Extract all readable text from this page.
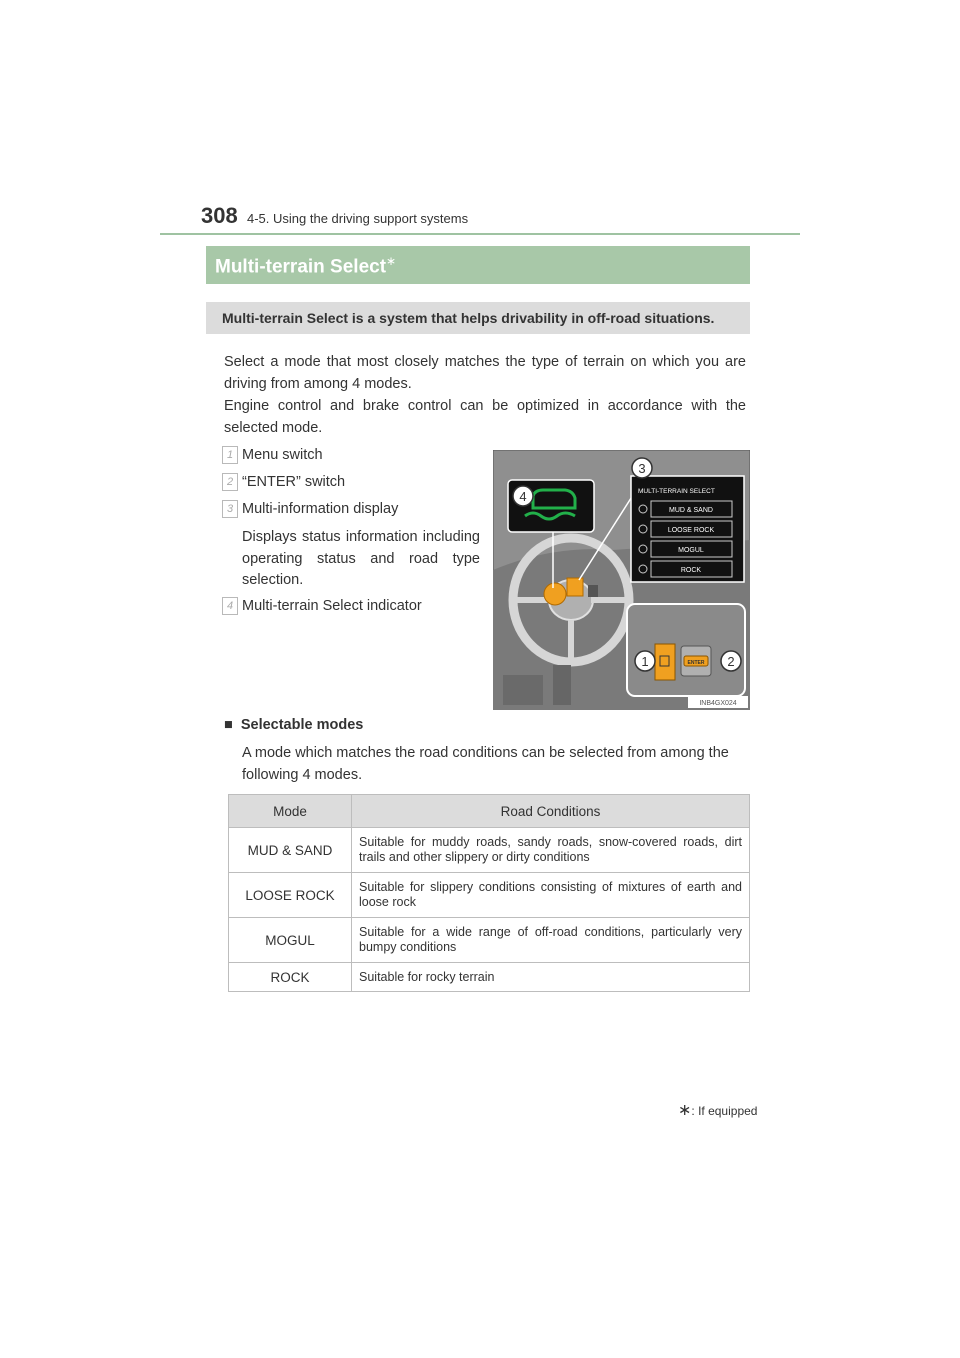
308 4-5. Using the driving support systems
Multi-terrain Select∗
Multi-terrain Select is a system that helps drivability in off-road situations.
Select a mode that most closely matches the type of terrain on which you are driving from among 4 modes.
Engine control and brake control can be optimized in accordance with the selected mode.
1 Menu switch
2 “ENTER” switch
3 Multi-information display
Displays status information including operating status and road type selection.
4 Multi-terrain Select indicator
4
3
MULTI-TERRAIN SELECT
MUD & SAND
LOOSE ROCK
MOGUL
ROCK
ENTER
1	2
INB4GX024
■ Selectable modes
A mode which matches the road conditions can be selected from among the following 4 modes.
Mode	Road Conditions
MUD & SAND	Suitable for muddy roads, sandy roads, snow-covered roads, dirt trails and other slippery or dirty conditions
LOOSE ROCK	Suitable for slippery conditions consisting of mixtures of earth and loose rock
MOGUL	Suitable for a wide range of off-road conditions, particularly very bumpy conditions
ROCK	Suitable for rocky terrain
∗: If equipped
